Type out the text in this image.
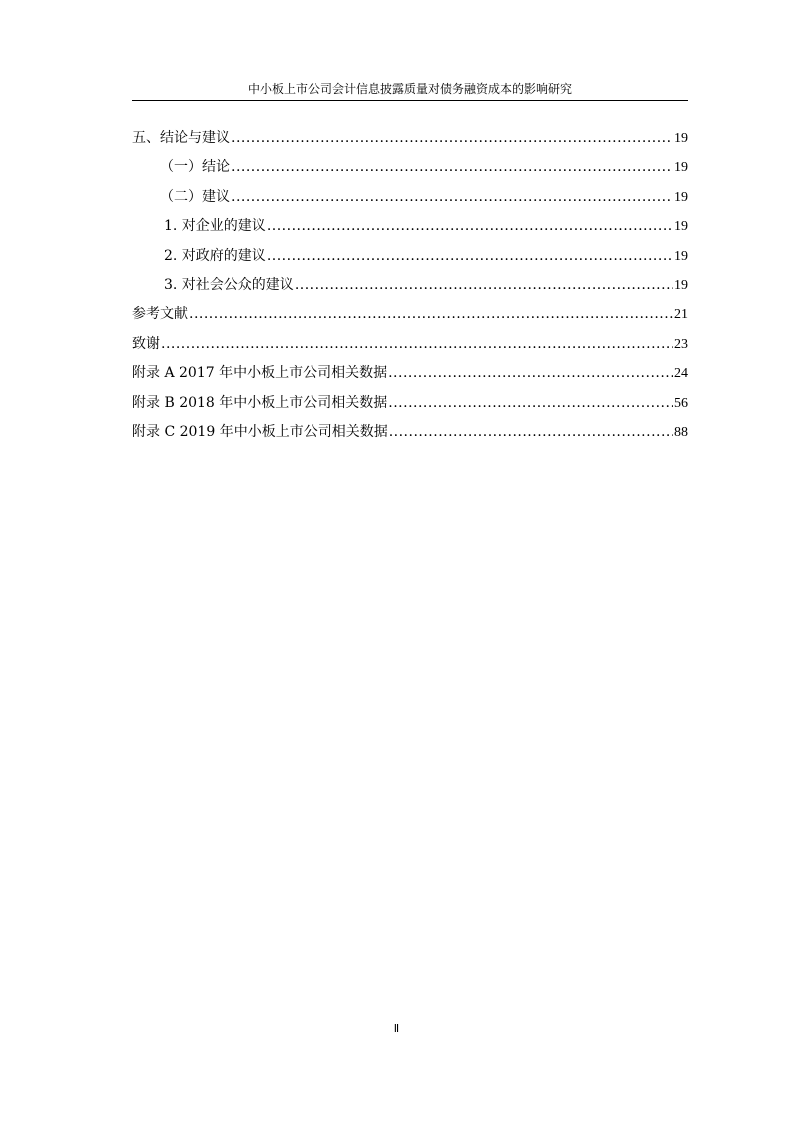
中小板上市公司会计信息披露质量对债务融资成本的影响研究
五、结论与建议 .....	19
（一）结论 .....	19
（二）建议 .....	19
1. 对企业的建议 .....	19
2. 对政府的建议 .....	19
3. 对社会公众的建议 .....	19
参考文献 .....	21
致谢 .....	23
附录 A 2017 年中小板上市公司相关数据 .....	24
附录 B 2018 年中小板上市公司相关数据 .....	56
附录 C 2019 年中小板上市公司相关数据 .....	88
Ⅱ
